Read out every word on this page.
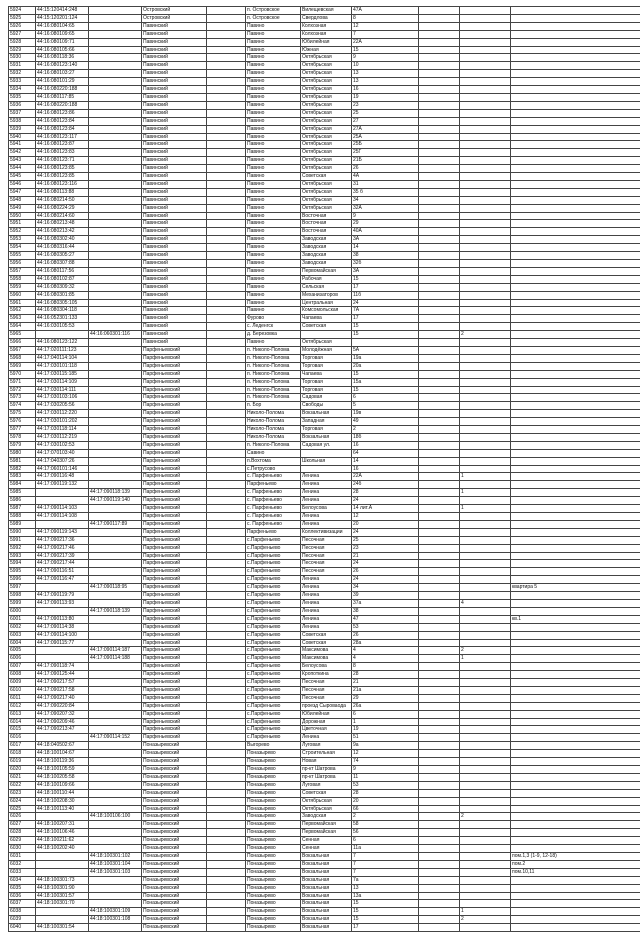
5924	44:15:120414:248		Островский		п. Островское	Вилещевская	47А			
5925	44:15:120201:124		Островский		п. Островское	Свердлова	8			
5926	44:16:080104:65		Павинский		Павино	Колхозная	12			
5927	44:16:080109:65		Павинский		Павино	Колхозная	7			
5928	44:16:080109:71		Павинский		Павино	Юбилейная	22А			
5929	44:16:080105:66		Павинский		Павино	Южная	15			
5930	44:16:080118:36		Павинский		Павино	Октябрьская	9			
5931	44:16:080123:140		Павинский		Павино	Октябрьская	10			
5932	44:16:080103:27		Павинский		Павино	Октябрьская	13			
5933	44:16:080101:29		Павинский		Павино	Октябрьская	13			
5934	44:16:080220:188		Павинский		Павино	Октябрьская	16			
5935	44:16:080117:85		Павинский		Павино	Октябрьская	19			
5936	44:16:080220:188		Павинский		Павино	Октябрьская	23			
5937	44:16:080123:86		Павинский		Павино	Октябрьская	25			
5938	44:16:080123:84		Павинский		Павино	Октябрьская	27			
5939	44:16:080123:84		Павинский		Павино	Октябрьская	27А			
5940	44:16:080123:117		Павинский		Павино	Октябрьская	25А			
5941	44:16:080123:87		Павинский		Павино	Октябрьская	25Б			
5942	44:16:080123:83		Павинский		Павино	Октябрьская	25Г			
5943	44:16:080123:71		Павинский		Павино	Октябрьская	21Б			
5944	44:16:080123:85		Павинский		Павино	Октябрьская	26			
5945	44:16:080123:85		Павинский		Павино	Советская	4А			
5946	44:16:080123:116		Павинский		Павино	Октябрьская	31			
5947	44:16:080113:88		Павинский		Павино	Октябрьская	35 б			
5948	44:16:080214:50		Павинский		Павино	Октябрьская	34			
5949	44:16:080224:29		Павинский		Павино	Октябрьская	32А			
5950	44:16:080214:60		Павинский		Павино	Восточная	9			
5951	44:16:080213:48		Павинский		Павино	Восточная	29			
5952	44:16:080213:42		Павинский		Павино	Восточная	40А			
5953	44:16:080302:40		Павинский		Павино	Заводская	3А			
5954	44:16:080316:44		Павинский		Павино	Заводская	14			
5955	44:16:080305:27		Павинский		Павино	Заводская	38			
5956	44:16:080307:88		Павинский		Павино	Заводская	32б			
5957	44:16:080117:56		Павинский		Павино	Первомайская	3А			
5958	44:16:080102:87		Павинский		Павино	Рабочая	15			
5959	44:16:080309:32		Павинский		Павино	Сельская	17			
5960	44:16:080301:85		Павинский		Павино	Механизаторов	11б			
5961	44:16:080305:105		Павинский		Павино	Центральная	24			
5962	44:16:080304:118		Павинский		Павино	Комсомольская	7А			
5963	44:16:052301:133		Павинский		Фурово	Чапаева	17			
5964	44:16:030105:53		Павинский		с. Леденгск	Советская	15			
5965		44:16:060301:116	Павинский		д. Березовка		15		2	
5966	44:16:080123:122		Павинский		Павино	Октябрьская				
5967	44:17:020111:123		Парфеньевский		п. Николо-Полома	Молодёжная	5А			
5968	44:17:040114:104		Парфеньевский		п. Николо-Полома	Торговая	19а			
5969	44:17:030101:118		Парфеньевский		п. Николо-Полома	Торговая	20а			
5970	44:17:030115:185		Парфеньевский		п. Николо-Полома	Чапаева	15			
5971	44:17:030114:109		Парфеньевский		п. Николо-Полома	Торговая	15а			
5972	44:17:030114:111		Парфеньевский		п. Николо-Полома	Торговая	15			
5973	44:17:030103:106		Парфеньевский		п. Николо-Полома	Садовая	6			
5974	44:17:030205:56		Парфеньевский		п. Бор	Свободы	5			
5975	44:17:030112:220		Парфеньевский		Николо-Полома	Вокзальная	19в			
5976	44:17:030101:202		Парфеньевский		Николо-Полома	Западная	49			
5977	44:17:030118:114		Парфеньевский		Николо-Полома	Торговая	2			
5978	44:17:030112:219		Парфеньевский		Николо-Полома	Вокзальная	18б			
5979	44:17:030102:53		Парфеньевский		п. Николо-Полома	Садовая ул.	16			
5980	44:17:070103:40		Парфеньевский		Савино		64			
5981	44:17:040307:26		Парфеньевский		п.Вохтома	Школьная	14			
5982	44:17:060101:146		Парфеньевский		с.Петрусово		16			
5983	44:17:090116:48		Парфеньевский		с. Парфеньево	Ленина	22А		1	
5984	44:17:090119:132		Парфеньевский		Парфеньево	Ленина	24б			
5985		44:17:090118:139	Парфеньевский		с. Парфеньево	Ленина	28		1	
5986		44:17:090119:140	Парфеньевский		с. Парфеньево	Ленина	24			
5987	44:17:090114:103		Парфеньевский		с. Парфеньево	Белоусова	14 лит.А		1	
5988	44:17:090114:108		Парфеньевский		с. Парфеньево	Ленина	12			
5989		44:17:090117:89	Парфеньевский		с. Парфеньево	Ленина	20			
5990	44:17:090119:143		Парфеньевский		Парфеньево	Коллективизации	24			
5991	44:17:090217:36		Парфеньевский		с.Парфеньево	Песочная	25			
5992	44:17:090217:46		Парфеньевский		с.Парфеньево	Песочная	23			
5993	44:17:090217:39		Парфеньевский		с.Парфеньево	Песочная	21			
5994	44:17:090217:44		Парфеньевский		с.Парфеньево	Песочная	24			
5995	44:17:090116:51		Парфеньевский		с.Парфеньево	Песочная	26			
5996	44:17:090116:47		Парфеньевский		с.Парфеньево	Ленина	24			
5997		44:17:090118:95	Парфеньевский		с.Парфеньево	Ленина	34			квартира 5
5998	44:17:090119:79		Парфеньевский		с.Парфеньево	Ленина	39			
5999	44:17:090113:93		Парфеньевский		с.Парфеньево	Ленина	37а		4	
6000		44:17:090118:139	Парфеньевский		с.Парфеньево	Ленина	38			
6001	44:17:090113:80		Парфеньевский		с.Парфеньево	Ленина	47			кв.1
6002	44:17:090114:38		Парфеньевский		с.Парфеньево	Ленина	53			
6003	44:17:090114:100		Парфеньевский		с.Парфеньево	Советская	26			
6004	44:17:090115:77		Парфеньевский		с.Парфеньево	Советская	28а			
6005		44:17:090114:187	Парфеньевский		с.Парфеньево	Максимова	4		2	
6006		44:17:090114:188	Парфеньевский		с.Парфеньево	Максимова	4		1	
6007	44:17:090118:74		Парфеньевский		с.Парфеньево	Белоусова	8			
6008	44:17:090125:44		Парфеньевский		с.Парфеньево	Кропоткина	28			
6009	44:17:090217:57		Парфеньевский		с.Парфеньево	Песочная	21			
6010	44:17:090217:58		Парфеньевский		с.Парфеньево	Песочная	21а			
6011	44:17:090217:40		Парфеньевский		с.Парфеньево	Песочная	29			
6012	44:17:090220:84		Парфеньевский		с.Парфеньево	проезд Сыроваода	26а			
6013	44:17:090207:32		Парфеньевский		с.Парфеньево	Юбилейная	6			
6014	44:17:090209:46		Парфеньевский		с.Парфеньево	Дорожная	1			
6015	44:17:090213:47		Парфеньевский		с.Парфеньево	Цветочная	19			
6016		44:17:090114:152	Парфеньевский		с.Парфеньево	Ленина	51			
6017	44:18:040502:67		Поназыревский		Выгорево	Луговая	9а			
6018	44:18:100104:67		Поназыревский		Поназырево	Строительная	12			
6019	44:18:100119:36		Поназыревский		Поназырево	Новая	74			
6020	44:18:100105:59		Поназыревский		Поназырево	пр-кт Шатрова	9			
6021	44:18:100205:58		Поназыревский		Поназырево	пр-кт Шатрова	11			
6022	44:18:100109:66		Поназыревский		Поназырево	Луговая	53			
6023	44:18:100110:44		Поназыревский		Поназырево	Советская	28			
6024	44:18:100208:30		Поназыревский		Поназырево	Октябрьская	20			
6025	44:18:100113:40		Поназыревский		Поназырево	Октябрьская	66			
6026		44:18:100106:100	Поназыревский		Поназырево	Заводская	2		2	
6027	44:18:100207:31		Поназыревский		Поназырево	Первомайская	58			
6028	44:18:100106:46		Поназыревский		Поназырево	Первомайская	56			
6029	44:18:100211:62		Поназыревский		Поназырево	Сенная	6			
6030	44:18:100202:40		Поназыревский		Поназырево	Сенная	11а			
6031		44:18:100301:102	Поназыревский		Поназырево	Вокзальная	7			пом.1,3 (1-9, 12-18)
6032		44:18:100301:104	Поназыревский		Поназырево	Вокзальная	7			пом.2
6033		44:18:100301:103	Поназыревский		Поназырево	Вокзальная	7			пом.10,11
6034	44:18:100301:73		Поназыревский		Поназырево	Вокзальная	7а			
6035	44:18:100301:90		Поназыревский		Поназырево	Вокзальная	13			
6036	44:18:100301:57		Поназыревский		Поназырево	Вокзальная	13а			
6037	44:18:100301:70		Поназыревский		Поназырево	Вокзальная	15			
6038		44:18:100301:109	Поназыревский		Поназырево	Вокзальная	15		1	
6039		44:18:100301:108	Поназыревский		Поназырево	Вокзальная	15		2	
6040	44:18:100301:54		Поназыревский		Поназырево	Вокзальная	17			
